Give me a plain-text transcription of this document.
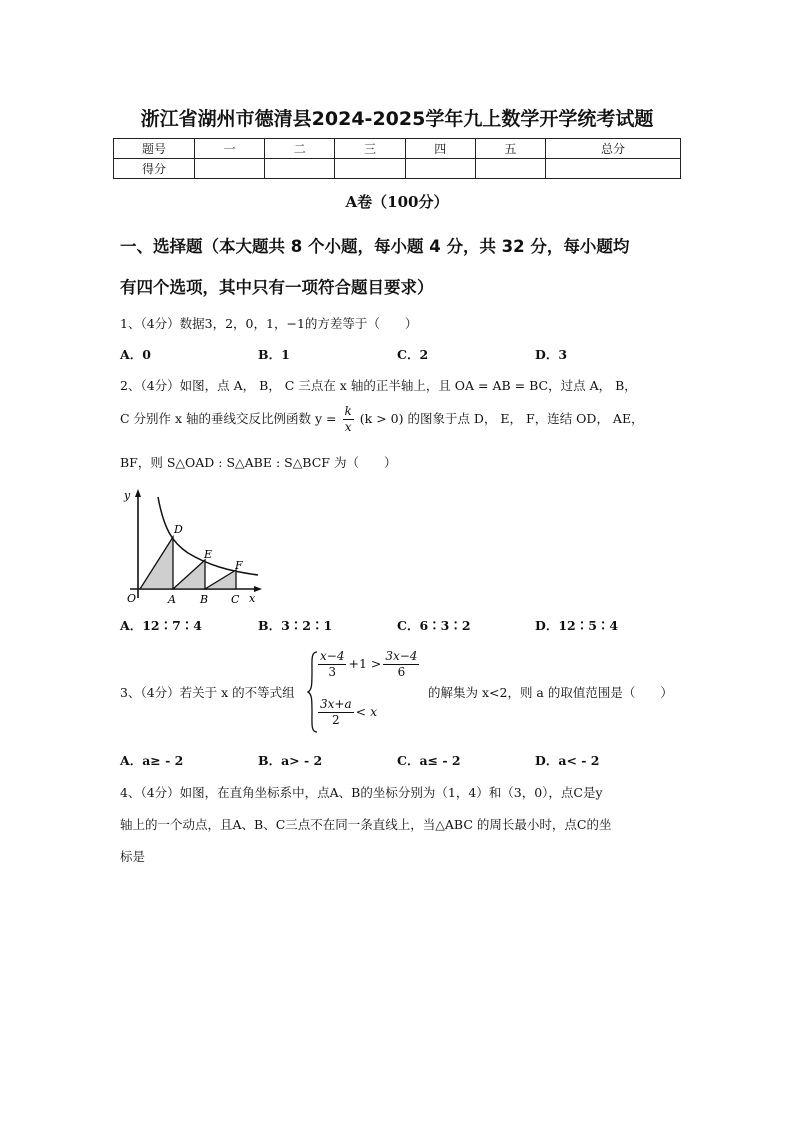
浙江省湖州市德清县2024-2025学年九上数学开学统考试题
题号	一	二	三	四	五	总分
得分						
A卷（100分）
一、选择题（本大题共 8 个小题，每小题 4 分，共 32 分，每小题均
有四个选项，其中只有一项符合题目要求）
1、（4分）数据3，2，0，1，−1的方差等于（　　）
A．0	B．1	C．2	D．3
2、（4分）如图，点 A， B， C 三点在 x 轴的正半轴上，且 OA = AB = BC，过点 A， B，
C 分别作 x 轴的垂线交反比例函数 $y = \frac{k}{x} (k > 0)$ 的图象于点 D， E， F，连结 OD， AE，
BF，则 S△OAD : S△ABE : S△BCF 为（　　）
y
D
E
F
O	A B C x
A．12∶7∶4	B．3∶2∶1	C．6∶3∶2	D．12∶5∶4
3、（4分）若关于 x 的不等式组
$\frac{x-4}{3} +1 > \frac{3x-4}{6}$
$\frac{3x+a}{2} < x$
的解集为 x<2，则 a 的取值范围是（　　）
A．a≥ - 2	B．a> - 2	C．a≤ - 2	D．a< - 2
4、（4分）如图，在直角坐标系中，点A、B的坐标分别为（1，4）和（3，0），点C是y
轴上的一个动点，且A、B、C三点不在同一条直线上，当△ABC 的周长最小时，点C的坐
标是
